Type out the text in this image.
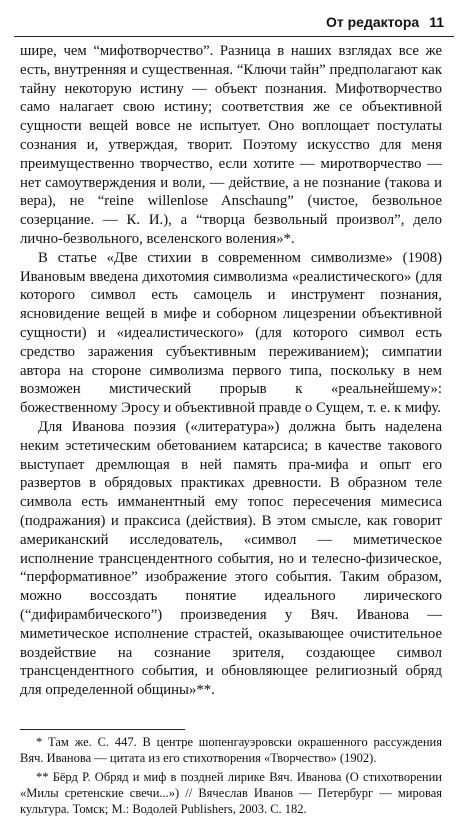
От редактора 11

шире, чем “мифотворчество”. Разница в наших взглядах все же есть, внутренняя и существенная. “Ключи тайн” предполагают как тайну некоторую истину — объект познания. Мифотворчество само налагает свою истину; соответствия же се объективной сущности вещей вовсе не испытует. Оно воплощает постулаты сознания и, утверждая, творит. Поэтому искусство для меня преимущественно творчество, если хотите — миротворчество — нет самоутверждения и воли, — действие, а не познание (такова и вера), не “reine willenlose Anschaung” (чистое, безвольное созерцание. — К. И.), а “творца безвольный произвол”, дело лично-безвольного, вселенского воления»*.

В статье «Две стихии в современном символизме» (1908) Ивановым введена дихотомия символизма «реалистического» (для которого символ есть самоцель и инструмент познания, ясновидение вещей в мифе и соборном лицезрении объективной сущности) и «идеалистического» (для которого символ есть средство заражения субъективным переживанием); симпатии автора на стороне символизма первого типа, поскольку в нем возможен мистический прорыв к «реальнейшему»: божественному Эросу и объективной правде о Сущем, т. е. к мифу.

Для Иванова поэзия («литература») должна быть наделена неким эстетическим обетованием катарсиса; в качестве такового выступает дремлющая в ней память пра-мифа и опыт его развертов в обрядовых практиках древности. В образном теле символа есть имманентный ему топос пересечения мимесиса (подражания) и праксиса (действия). В этом смысле, как говорит американский исследователь, «символ — миметическое исполнение трансцендентного события, но и телесно-физическое, “перформативное” изображение этого события. Таким образом, можно воссоздать понятие идеального лирического (“дифирамбического”) произведения у Вяч. Иванова — миметическое исполнение страстей, оказывающее очистительное воздействие на сознание зрителя, создающее символ трансцендентного события, и обновляющее религиозный обряд для определенной общины»**.

* Там же. С. 447. В центре шопенгауэровски окрашенного рассуждения Вяч. Иванова — цитата из его стихотворения «Творчество» (1902).

** Бёрд Р. Обряд и миф в поздней лирике Вяч. Иванова (О стихотворении «Милы сретенские свечи...») // Вячеслав Иванов — Петербург — мировая культура. Томск; М.: Водолей Publishers, 2003. С. 182.
